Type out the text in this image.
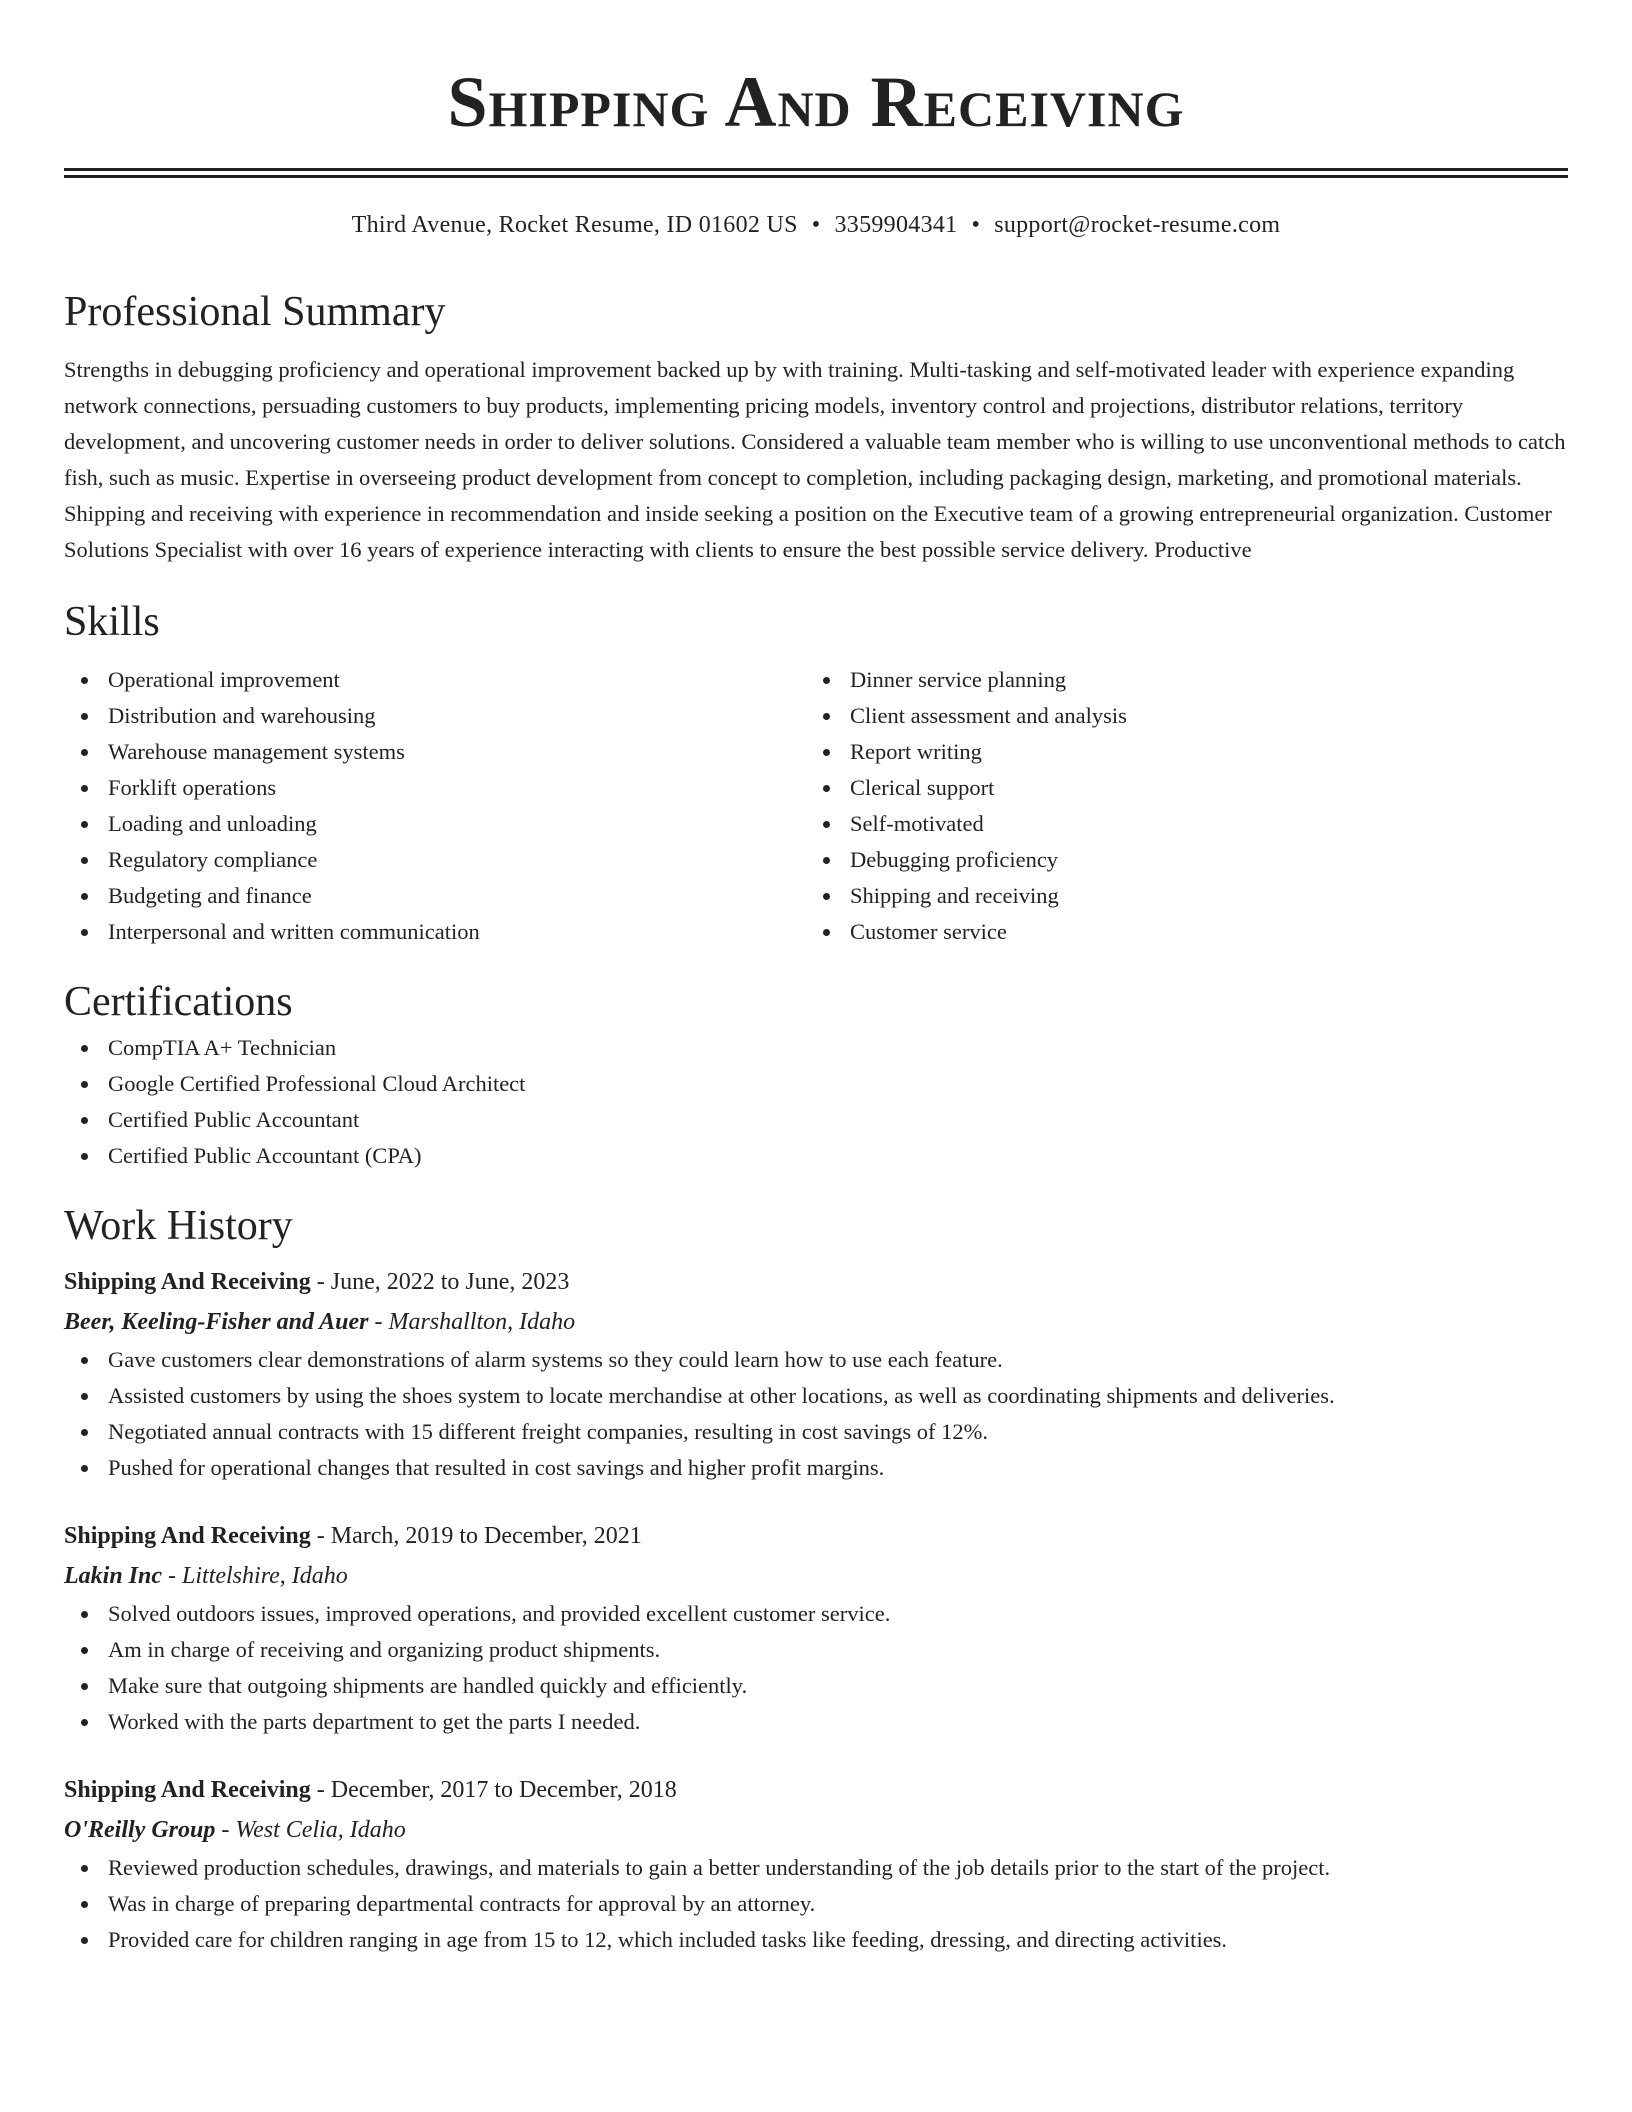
Shipping And Receiving
Third Avenue, Rocket Resume, ID 01602 US • 3359904341 • support@rocket-resume.com
Professional Summary

Strengths in debugging proficiency and operational improvement backed up by with training. Multi-tasking and self-motivated leader with experience expanding network connections, persuading customers to buy products, implementing pricing models, inventory control and projections, distributor relations, territory development, and uncovering customer needs in order to deliver solutions. Considered a valuable team member who is willing to use unconventional methods to catch fish, such as music. Expertise in overseeing product development from concept to completion, including packaging design, marketing, and promotional materials. Shipping and receiving with experience in recommendation and inside seeking a position on the Executive team of a growing entrepreneurial organization. Customer Solutions Specialist with over 16 years of experience interacting with clients to ensure the best possible service delivery. Productive

Skills
Operational improvement
Distribution and warehousing
Warehouse management systems
Forklift operations
Loading and unloading
Regulatory compliance
Budgeting and finance
Interpersonal and written communication
Dinner service planning
Client assessment and analysis
Report writing
Clerical support
Self-motivated
Debugging proficiency
Shipping and receiving
Customer service
Certifications
CompTIA A+ Technician
Google Certified Professional Cloud Architect
Certified Public Accountant
Certified Public Accountant (CPA)
Work History
Shipping And Receiving - June, 2022 to June, 2023
Beer, Keeling-Fisher and Auer - Marshallton, Idaho
Gave customers clear demonstrations of alarm systems so they could learn how to use each feature.
Assisted customers by using the shoes system to locate merchandise at other locations, as well as coordinating shipments and deliveries.
Negotiated annual contracts with 15 different freight companies, resulting in cost savings of 12%.
Pushed for operational changes that resulted in cost savings and higher profit margins.
Shipping And Receiving - March, 2019 to December, 2021
Lakin Inc - Littelshire, Idaho
Solved outdoors issues, improved operations, and provided excellent customer service.
Am in charge of receiving and organizing product shipments.
Make sure that outgoing shipments are handled quickly and efficiently.
Worked with the parts department to get the parts I needed.
Shipping And Receiving - December, 2017 to December, 2018
O'Reilly Group - West Celia, Idaho
Reviewed production schedules, drawings, and materials to gain a better understanding of the job details prior to the start of the project.
Was in charge of preparing departmental contracts for approval by an attorney.
Provided care for children ranging in age from 15 to 12, which included tasks like feeding, dressing, and directing activities.
